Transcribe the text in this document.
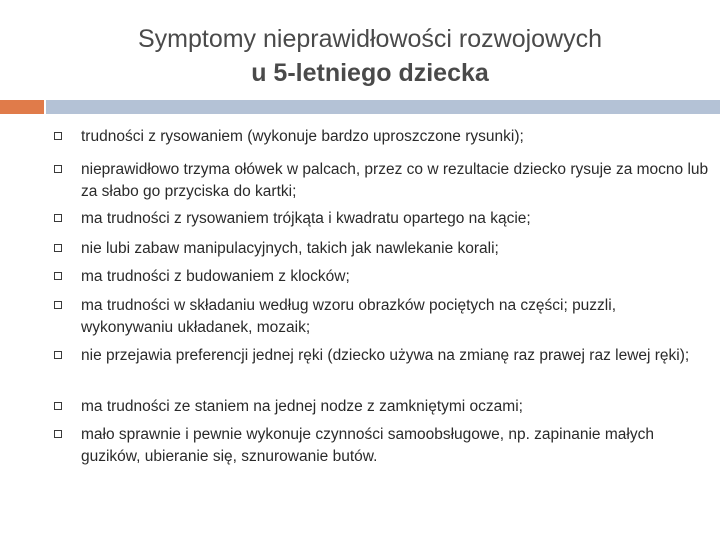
Symptomy nieprawidłowości rozwojowych
u 5-letniego dziecka
trudności z rysowaniem (wykonuje bardzo uproszczone rysunki);
nieprawidłowo trzyma ołówek w palcach, przez co w rezultacie dziecko rysuje za mocno lub za słabo go przyciska do kartki;
ma trudności z rysowaniem trójkąta i kwadratu opartego na kącie;
nie lubi zabaw manipulacyjnych, takich jak nawlekanie korali;
ma trudności z budowaniem z klocków;
ma trudności w składaniu według wzoru obrazków pociętych na części; puzzli, wykonywaniu układanek, mozaik;
nie przejawia preferencji jednej ręki (dziecko używa na zmianę raz prawej raz lewej ręki);
ma trudności ze staniem na jednej nodze z zamkniętymi oczami;
mało sprawnie i pewnie wykonuje czynności samoobsługowe, np. zapinanie małych guzików, ubieranie się, sznurowanie butów.
